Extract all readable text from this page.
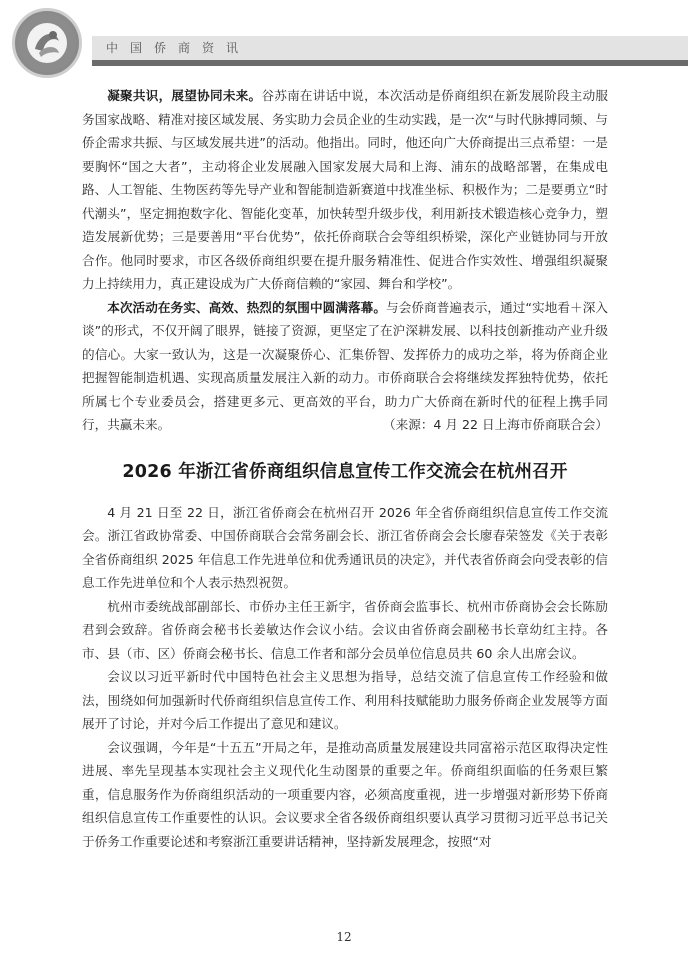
中国侨商资讯

凝聚共识，展望协同未来。谷苏南在讲话中说，本次活动是侨商组织在新发展阶段主动服务国家战略、精准对接区域发展、务实助力会员企业的生动实践，是一次“与时代脉搏同频、与侨企需求共振、与区域发展共进”的活动。他指出。同时，他还向广大侨商提出三点希望：一是要胸怀“国之大者”，主动将企业发展融入国家发展大局和上海、浦东的战略部署，在集成电路、人工智能、生物医药等先导产业和智能制造新赛道中找准坐标、积极作为；二是要勇立“时代潮头”，坚定拥抱数字化、智能化变革，加快转型升级步伐，利用新技术锻造核心竞争力，塑造发展新优势；三是要善用“平台优势”，依托侨商联合会等组织桥梁，深化产业链协同与开放合作。他同时要求，市区各级侨商组织要在提升服务精准性、促进合作实效性、增强组织凝聚力上持续用力，真正建设成为广大侨商信赖的“家园、舞台和学校”。

本次活动在务实、高效、热烈的氛围中圆满落幕。与会侨商普遍表示，通过“实地看＋深入谈”的形式，不仅开阔了眼界，链接了资源，更坚定了在沪深耕发展、以科技创新推动产业升级的信心。大家一致认为，这是一次凝聚侨心、汇集侨智、发挥侨力的成功之举，将为侨商企业把握智能制造机遇、实现高质量发展注入新的动力。市侨商联合会将继续发挥独特优势，依托所属七个专业委员会，搭建更多元、更高效的平台，助力广大侨商在新时代的征程上携手同行，共赢未来。	（来源：4 月 22 日上海市侨商联合会）

2026 年浙江省侨商组织信息宣传工作交流会在杭州召开

4 月 21 日至 22 日，浙江省侨商会在杭州召开 2026 年全省侨商组织信息宣传工作交流会。浙江省政协常委、中国侨商联合会常务副会长、浙江省侨商会会长廖春荣签发《关于表彰全省侨商组织 2025 年信息工作先进单位和优秀通讯员的决定》，并代表省侨商会向受表彰的信息工作先进单位和个人表示热烈祝贺。

杭州市委统战部副部长、市侨办主任王新宇，省侨商会监事长、杭州市侨商协会会长陈励君到会致辞。省侨商会秘书长姜敏达作会议小结。会议由省侨商会副秘书长章幼红主持。各市、县（市、区）侨商会秘书长、信息工作者和部分会员单位信息员共 60 余人出席会议。

会议以习近平新时代中国特色社会主义思想为指导，总结交流了信息宣传工作经验和做法，围绕如何加强新时代侨商组织信息宣传工作、利用科技赋能助力服务侨商企业发展等方面展开了讨论，并对今后工作提出了意见和建议。

会议强调，今年是“十五五”开局之年，是推动高质量发展建设共同富裕示范区取得决定性进展、率先呈现基本实现社会主义现代化生动图景的重要之年。侨商组织面临的任务艰巨繁重，信息服务作为侨商组织活动的一项重要内容，必须高度重视，进一步增强对新形势下侨商组织信息宣传工作重要性的认识。会议要求全省各级侨商组织要认真学习贯彻习近平总书记关于侨务工作重要论述和考察浙江重要讲话精神，坚持新发展理念，按照“对

12
